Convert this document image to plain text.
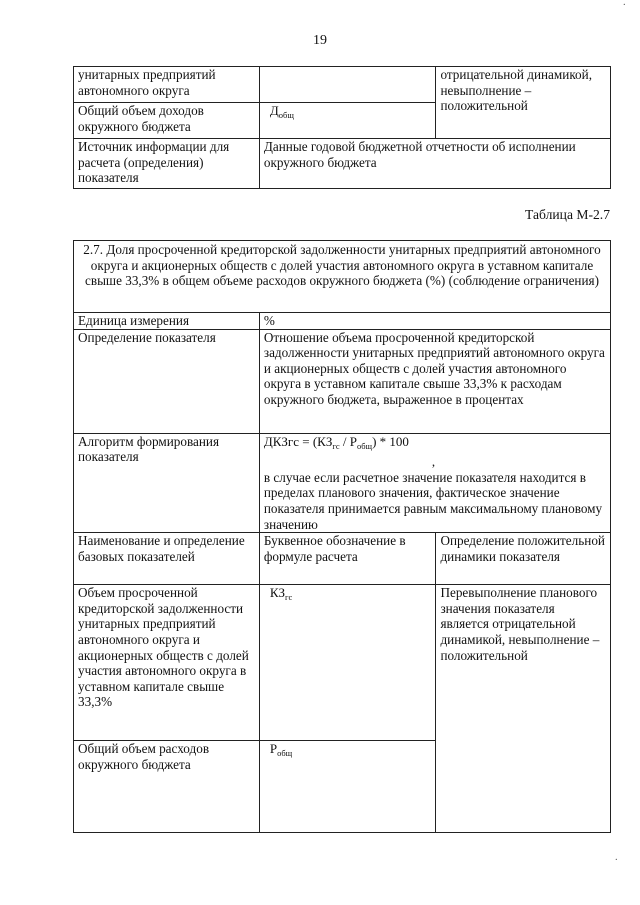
·
19
унитарных предприятий автономного округа		отрицательной динамикой, невыполнение – положительной
Общий объем доходов окружного бюджета	$Д_{общ}$
Источник информации для расчета (определения) показателя	Данные годовой бюджетной отчетности об исполнении окружного бюджета	
Таблица М-2.7
2.7. Доля просроченной кредиторской задолженности унитарных предприятий автономного округа и акционерных обществ с долей участия автономного округа в уставном капитале свыше 33,3% в общем объеме расходов окружного бюджета (%) (соблюдение ограничения)		
Единица измерения	%	
Определение показателя	Отношение объема просроченной кредиторской задолженности унитарных предприятий автономного округа и акционерных обществ с долей участия автономного округа в уставном капитале свыше 33,3% к расходам окружного бюджета, выраженное в процентах	
Алгоритм формирования показателя	ДКЗгс = $(КЗ_{гс} / Р_{общ}) * 100$
,
в случае если расчетное значение показателя находится в пределах планового значения, фактическое значение показателя принимается равным максимальному плановому значению	

Наименование и определение базовых показателей	Буквенное обозначение в формуле расчета	Определение положительной динамики показателя
Объем просроченной кредиторской задолженности унитарных предприятий автономного округа и акционерных обществ с долей участия автономного округа в уставном капитале свыше 33,3%	$КЗ_{гс}$	Перевыполнение планового значения показателя является отрицательной динамикой, невыполнение – положительной
Общий объем расходов окружного бюджета	$Р_{общ}$
·
